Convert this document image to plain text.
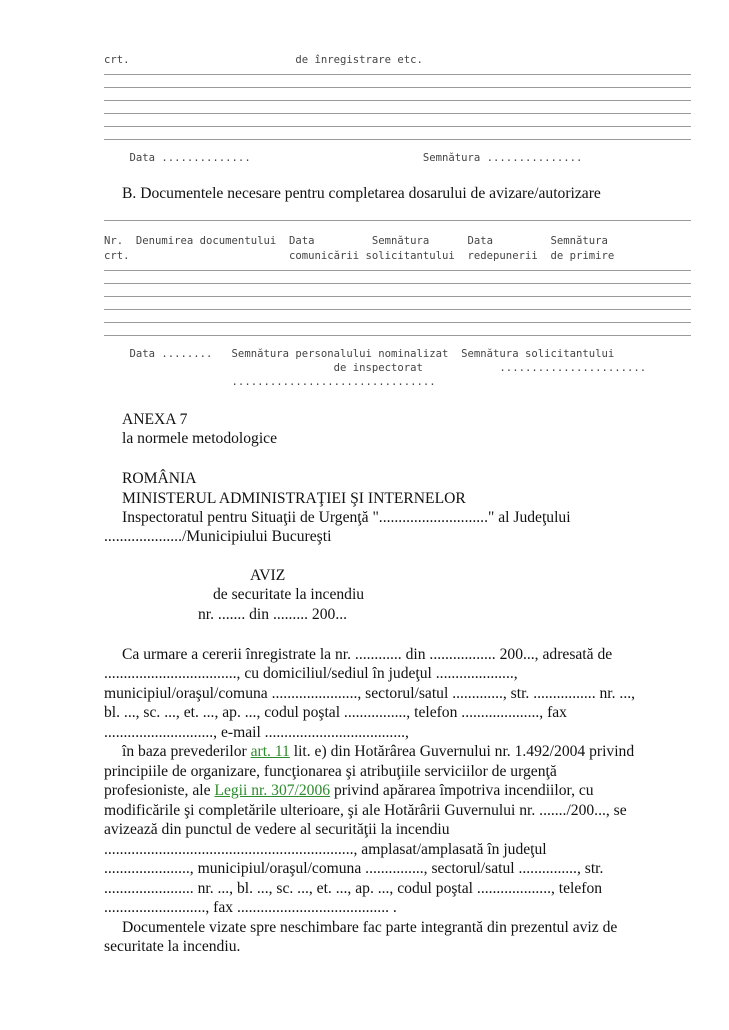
crt.                          de înregistrare etc.
Data ..............                           Semnătura ...............
B. Documentele necesare pentru completarea dosarului de avizare/autorizare
Nr.  Denumirea documentului  Data         Semnătura      Data         Semnătura
crt.                         comunicării solicitantului  redepunerii  de primire
Data ........   Semnătura personalului nominalizat  Semnătura solicitantului
de inspectorat            .......................
................................
ANEXA 7
la normele metodologice
ROMÂNIA
MINISTERUL ADMINISTRAŢIEI ŞI INTERNELOR
Inspectoratul pentru Situaţii de Urgenţă "............................" al Judeţului
..................../Municipiului Bucureşti
AVIZ
de securitate la incendiu
nr. ....... din ......... 200...
Ca urmare a cererii înregistrate la nr. ............ din ................. 200..., adresată de
.................................., cu domiciliul/sediul în judeţul ....................,
municipiul/oraşul/comuna ......................, sectorul/satul ............., str. ................ nr. ...,
bl. ..., sc. ..., et. ..., ap. ..., codul poştal ................, telefon ...................., fax
............................, e-mail ....................................,
în baza prevederilor art. 11 lit. e) din Hotărârea Guvernului nr. 1.492/2004 privind
principiile de organizare, funcţionarea şi atribuţiile serviciilor de urgenţă
profesioniste, ale Legii nr. 307/2006 privind apărarea împotriva incendiilor, cu
modificările şi completările ulterioare, şi ale Hotărârii Guvernului nr. ......./200..., se
avizează din punctul de vedere al securităţii la incendiu
................................................................, amplasat/amplasată în judeţul
......................, municipiul/oraşul/comuna ..............., sectorul/satul ..............., str.
....................... nr. ..., bl. ..., sc. ..., et. ..., ap. ..., codul poştal ..................., telefon
.........................., fax ....................................... .
Documentele vizate spre neschimbare fac parte integrantă din prezentul aviz de
securitate la incendiu.
